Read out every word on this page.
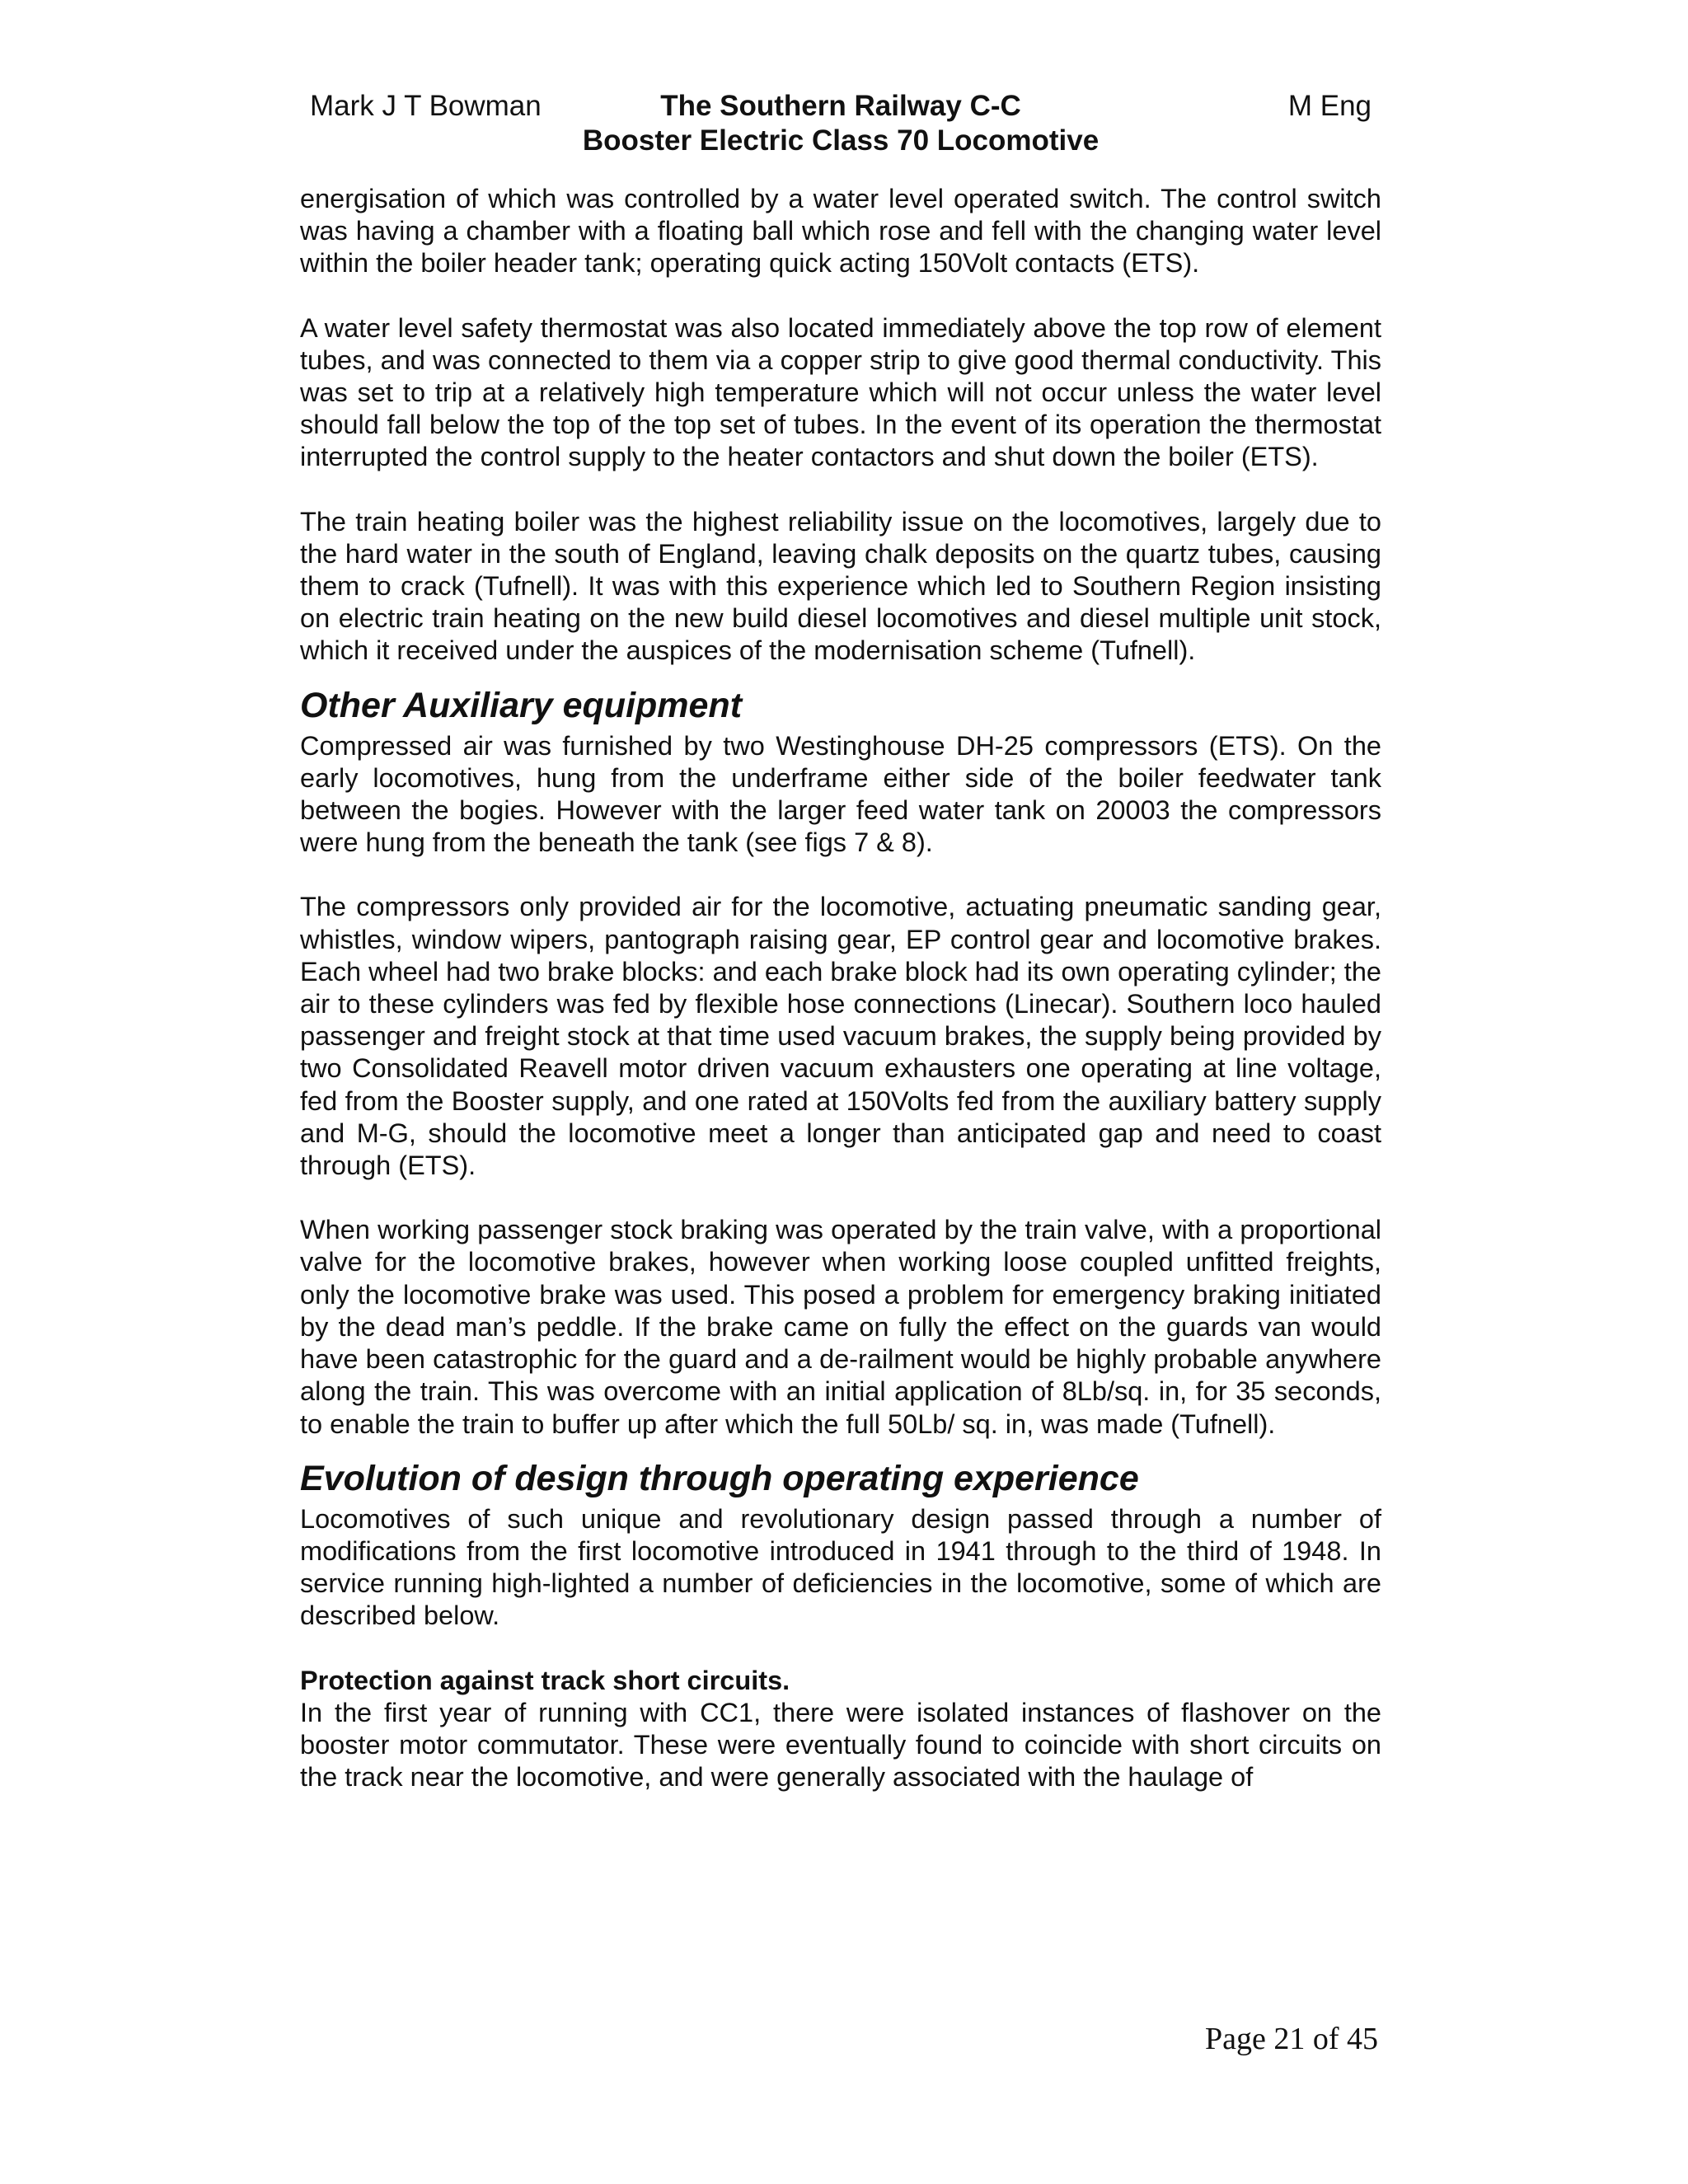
Mark J T Bowman	The Southern Railway C-C
Booster Electric Class 70 Locomotive
M Eng

energisation of which was controlled by a water level operated switch. The control switch was having a chamber with a floating ball which rose and fell with the changing water level within the boiler header tank; operating quick acting 150Volt contacts (ETS).

A water level safety thermostat was also located immediately above the top row of element tubes, and was connected to them via a copper strip to give good thermal conductivity. This was set to trip at a relatively high temperature which will not occur unless the water level should fall below the top of the top set of tubes. In the event of its operation the thermostat interrupted the control supply to the heater contactors and shut down the boiler (ETS).

The train heating boiler was the highest reliability issue on the locomotives, largely due to the hard water in the south of England, leaving chalk deposits on the quartz tubes, causing them to crack (Tufnell). It was with this experience which led to Southern Region insisting on electric train heating on the new build diesel locomotives and diesel multiple unit stock, which it received under the auspices of the modernisation scheme (Tufnell).

Other Auxiliary equipment

Compressed air was furnished by two Westinghouse DH-25 compressors (ETS). On the early locomotives, hung from the underframe either side of the boiler feedwater tank between the bogies. However with the larger feed water tank on 20003 the compressors were hung from the beneath the tank (see figs 7 & 8).

The compressors only provided air for the locomotive, actuating pneumatic sanding gear, whistles, window wipers, pantograph raising gear, EP control gear and locomotive brakes. Each wheel had two brake blocks: and each brake block had its own operating cylinder; the air to these cylinders was fed by flexible hose connections (Linecar). Southern loco hauled passenger and freight stock at that time used vacuum brakes, the supply being provided by two Consolidated Reavell motor driven vacuum exhausters one operating at line voltage, fed from the Booster supply, and one rated at 150Volts fed from the auxiliary battery supply and M-G, should the locomotive meet a longer than anticipated gap and need to coast through (ETS).

When working passenger stock braking was operated by the train valve, with a proportional valve for the locomotive brakes, however when working loose coupled unfitted freights, only the locomotive brake was used. This posed a problem for emergency braking initiated by the dead man’s peddle. If the brake came on fully the effect on the guards van would have been catastrophic for the guard and a de-railment would be highly probable anywhere along the train. This was overcome with an initial application of 8Lb/sq. in, for 35 seconds, to enable the train to buffer up after which the full 50Lb/ sq. in, was made (Tufnell).

Evolution of design through operating experience

Locomotives of such unique and revolutionary design passed through a number of modifications from the first locomotive introduced in 1941 through to the third of 1948. In service running high-lighted a number of deficiencies in the locomotive, some of which are described below.

Protection against track short circuits.

In the first year of running with CC1, there were isolated instances of flashover on the booster motor commutator. These were eventually found to coincide with short circuits on the track near the locomotive, and were generally associated with the haulage of

Page 21 of 45
